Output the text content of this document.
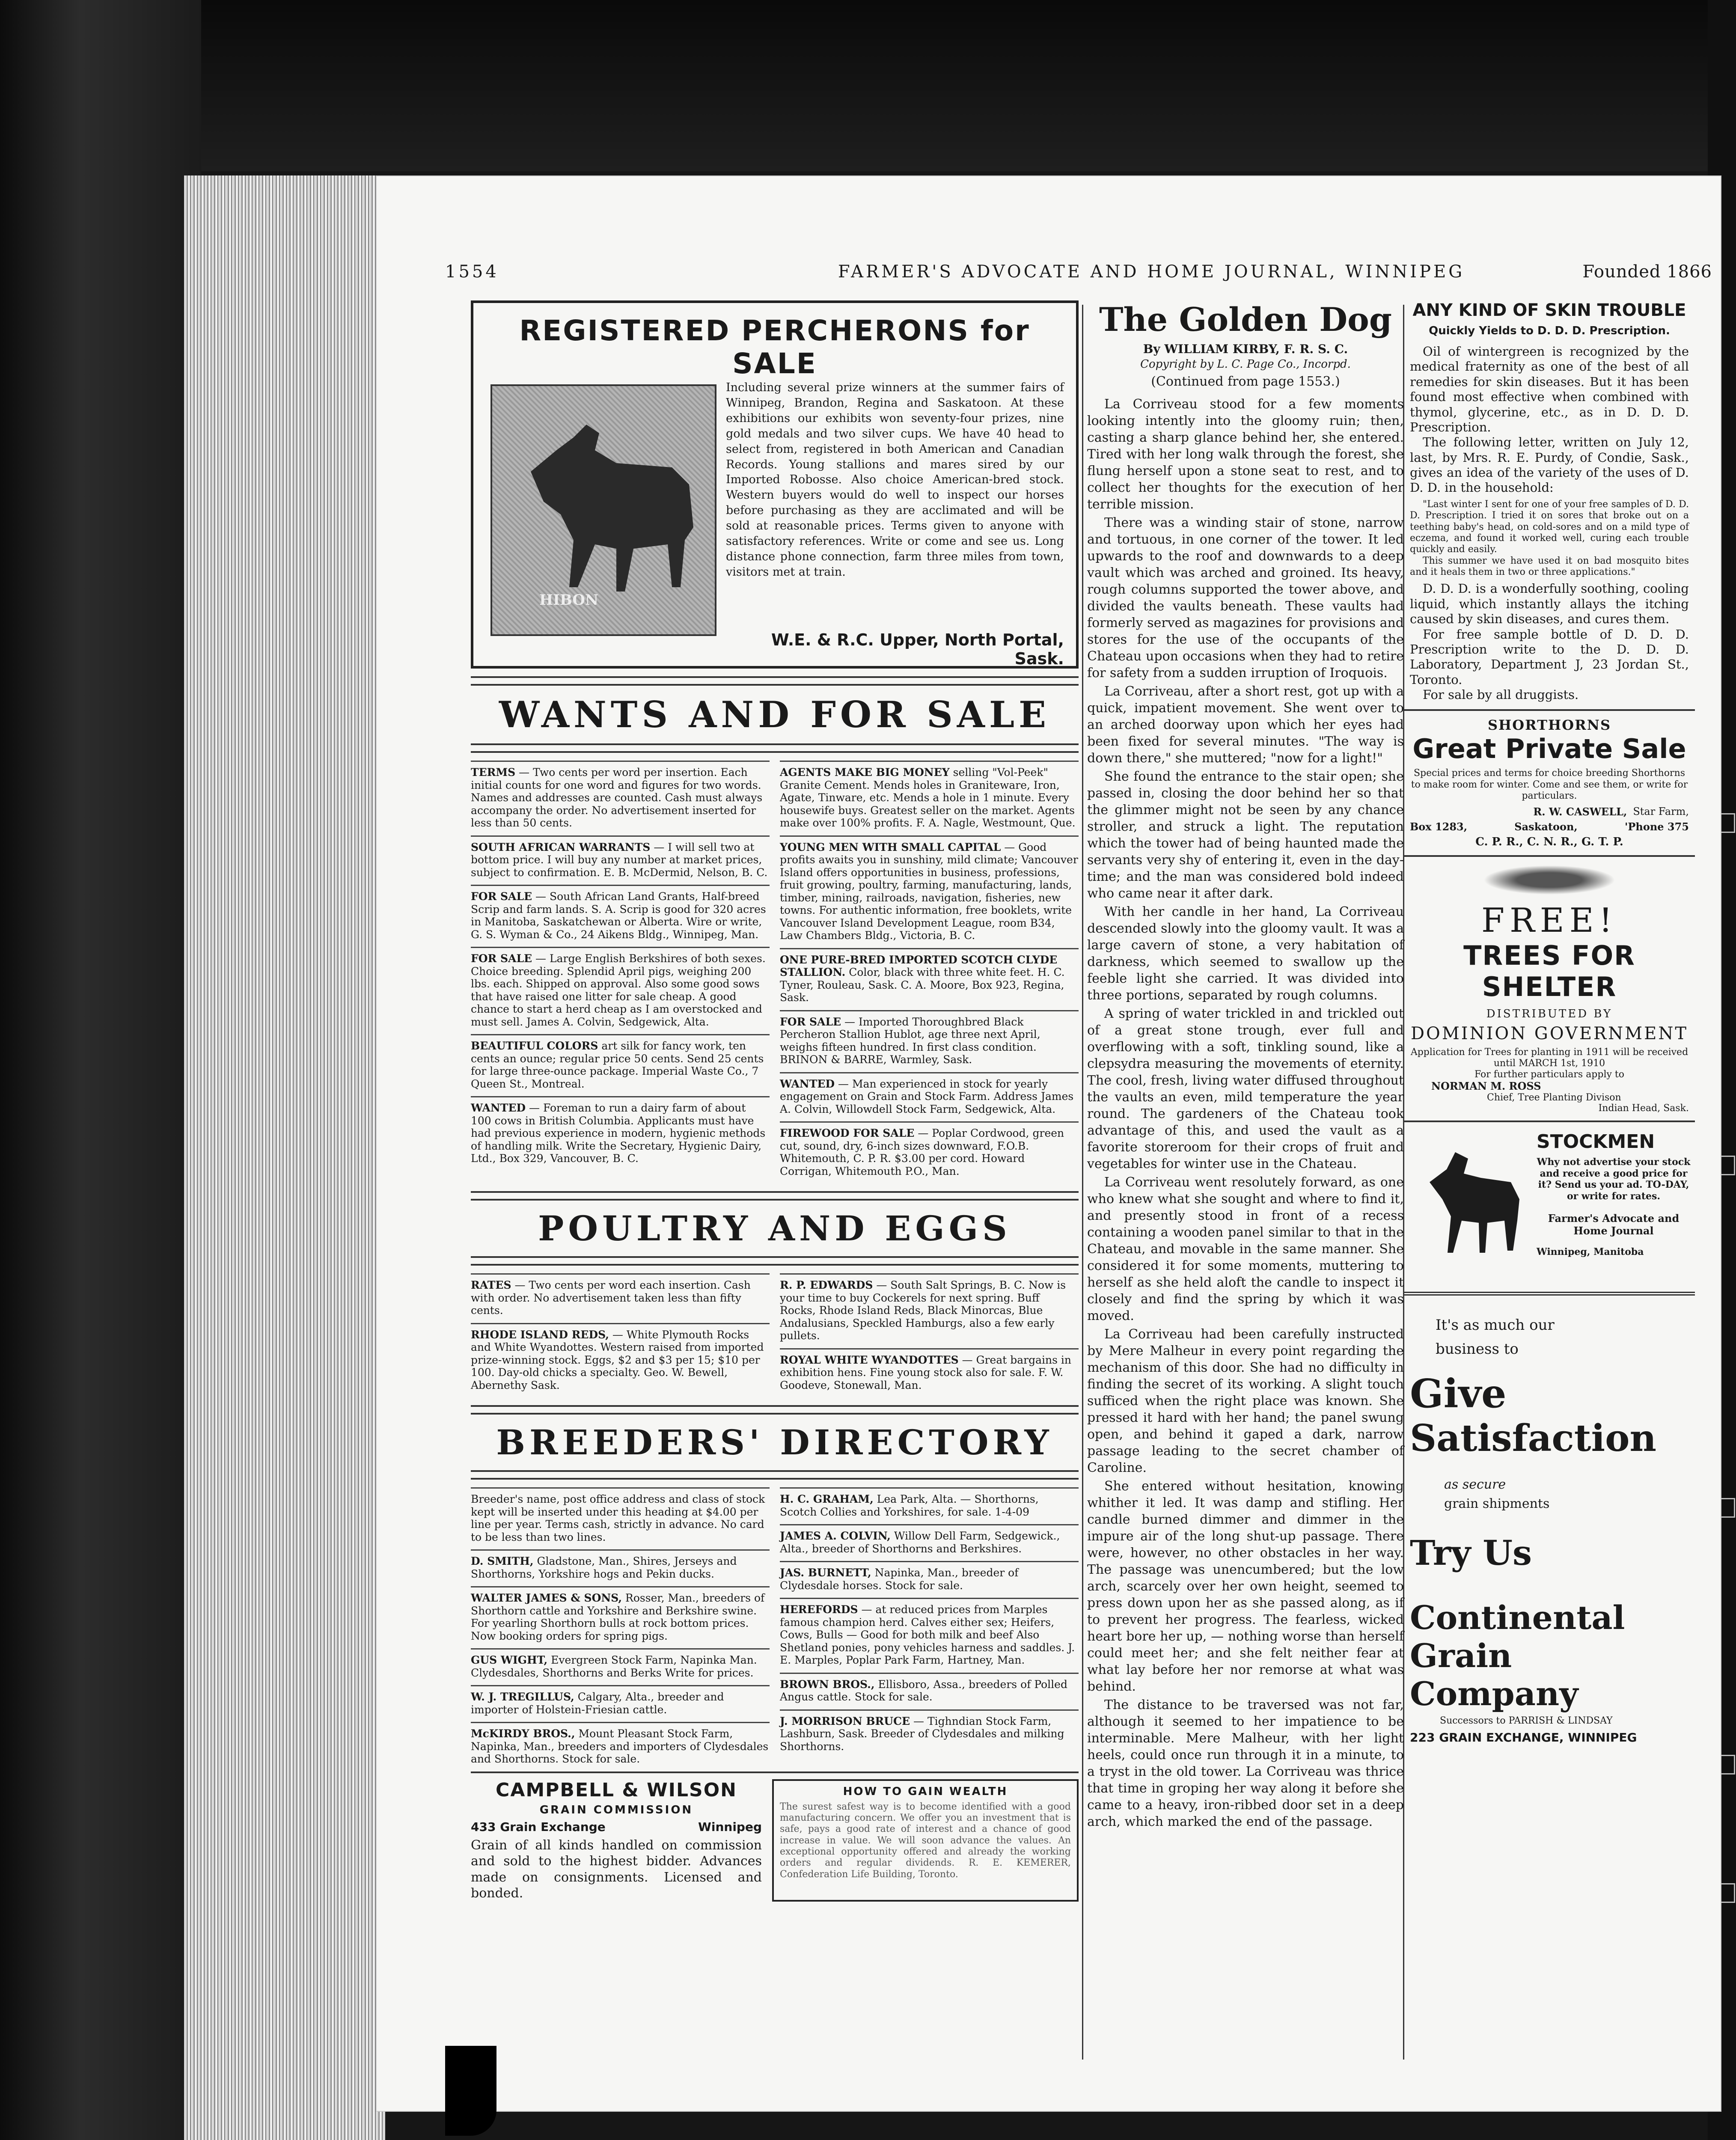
1554	FARMER'S ADVOCATE AND HOME JOURNAL, WINNIPEG	Founded 1866
REGISTERED PERCHERONS for SALE
HIBON
Including several prize winners at the summer fairs of Winnipeg, Brandon, Regina and Saskatoon. At these exhibitions our exhibits won seventy-four prizes, nine gold medals and two silver cups. We have 40 head to select from, registered in both American and Canadian Records. Young stallions and mares sired by our Imported Robosse. Also choice American-bred stock. Western buyers would do well to inspect our horses before purchasing as they are acclimated and will be sold at reasonable prices. Terms given to anyone with satisfactory references. Write or come and see us. Long distance phone connection, farm three miles from town, visitors met at train.
W.E. & R.C. Upper, North Portal, Sask.
WANTS AND FOR SALE
TERMS — Two cents per word per insertion. Each initial counts for one word and figures for two words. Names and addresses are counted. Cash must always accompany the order. No advertisement inserted for less than 50 cents.
SOUTH AFRICAN WARRANTS — I will sell two at bottom price. I will buy any number at market prices, subject to confirmation. E. B. McDermid, Nelson, B. C.
FOR SALE — South African Land Grants, Half-breed Scrip and farm lands. S. A. Scrip is good for 320 acres in Manitoba, Saskatchewan or Alberta. Wire or write, G. S. Wyman & Co., 24 Aikens Bldg., Winnipeg, Man.
FOR SALE — Large English Berkshires of both sexes. Choice breeding. Splendid April pigs, weighing 200 lbs. each. Shipped on approval. Also some good sows that have raised one litter for sale cheap. A good chance to start a herd cheap as I am overstocked and must sell. James A. Colvin, Sedgewick, Alta.
BEAUTIFUL COLORS art silk for fancy work, ten cents an ounce; regular price 50 cents. Send 25 cents for large three-ounce package. Imperial Waste Co., 7 Queen St., Montreal.
WANTED — Foreman to run a dairy farm of about 100 cows in British Columbia. Applicants must have had previous experience in modern, hygienic methods of handling milk. Write the Secretary, Hygienic Dairy, Ltd., Box 329, Vancouver, B. C.
AGENTS MAKE BIG MONEY selling "Vol-Peek" Granite Cement. Mends holes in Graniteware, Iron, Agate, Tinware, etc. Mends a hole in 1 minute. Every housewife buys. Greatest seller on the market. Agents make over 100% profits. F. A. Nagle, Westmount, Que.
YOUNG MEN WITH SMALL CAPITAL — Good profits awaits you in sunshiny, mild climate; Vancouver Island offers opportunities in business, professions, fruit growing, poultry, farming, manufacturing, lands, timber, mining, railroads, navigation, fisheries, new towns. For authentic information, free booklets, write Vancouver Island Development League, room B34, Law Chambers Bldg., Victoria, B. C.
ONE PURE-BRED IMPORTED SCOTCH CLYDE STALLION. Color, black with three white feet. H. C. Tyner, Rouleau, Sask. C. A. Moore, Box 923, Regina, Sask.
FOR SALE — Imported Thoroughbred Black Percheron Stallion Hublot, age three next April, weighs fifteen hundred. In first class condition. BRINON & BARRE, Warmley, Sask.
WANTED — Man experienced in stock for yearly engagement on Grain and Stock Farm. Address James A. Colvin, Willowdell Stock Farm, Sedgewick, Alta.
FIREWOOD FOR SALE — Poplar Cordwood, green cut, sound, dry, 6-inch sizes downward, F.O.B. Whitemouth, C. P. R. $3.00 per cord. Howard Corrigan, Whitemouth P.O., Man.
POULTRY AND EGGS
RATES — Two cents per word each insertion. Cash with order. No advertisement taken less than fifty cents.
RHODE ISLAND REDS, — White Plymouth Rocks and White Wyandottes. Western raised from imported prize-winning stock. Eggs, $2 and $3 per 15; $10 per 100. Day-old chicks a specialty. Geo. W. Bewell, Abernethy Sask.
R. P. EDWARDS — South Salt Springs, B. C. Now is your time to buy Cockerels for next spring. Buff Rocks, Rhode Island Reds, Black Minorcas, Blue Andalusians, Speckled Hamburgs, also a few early pullets.
ROYAL WHITE WYANDOTTES — Great bargains in exhibition hens. Fine young stock also for sale. F. W. Goodeve, Stonewall, Man.
BREEDERS' DIRECTORY
Breeder's name, post office address and class of stock kept will be inserted under this heading at $4.00 per line per year. Terms cash, strictly in advance. No card to be less than two lines.
D. SMITH, Gladstone, Man., Shires, Jerseys and Shorthorns, Yorkshire hogs and Pekin ducks.
WALTER JAMES & SONS, Rosser, Man., breeders of Shorthorn cattle and Yorkshire and Berkshire swine. For yearling Shorthorn bulls at rock bottom prices. Now booking orders for spring pigs.
GUS WIGHT, Evergreen Stock Farm, Napinka Man. Clydesdales, Shorthorns and Berks Write for prices.
W. J. TREGILLUS, Calgary, Alta., breeder and importer of Holstein-Friesian cattle.
McKIRDY BROS., Mount Pleasant Stock Farm, Napinka, Man., breeders and importers of Clydesdales and Shorthorns. Stock for sale.
H. C. GRAHAM, Lea Park, Alta. — Shorthorns, Scotch Collies and Yorkshires, for sale. 1-4-09
JAMES A. COLVIN, Willow Dell Farm, Sedgewick., Alta., breeder of Shorthorns and Berkshires.
JAS. BURNETT, Napinka, Man., breeder of Clydesdale horses. Stock for sale.
HEREFORDS — at reduced prices from Marples famous champion herd. Calves either sex; Heifers, Cows, Bulls — Good for both milk and beef Also Shetland ponies, pony vehicles harness and saddles. J. E. Marples, Poplar Park Farm, Hartney, Man.
BROWN BROS., Ellisboro, Assa., breeders of Polled Angus cattle. Stock for sale.
J. MORRISON BRUCE — Tighndian Stock Farm, Lashburn, Sask. Breeder of Clydesdales and milking Shorthorns.
CAMPBELL & WILSON
GRAIN COMMISSION
433 Grain Exchange	Winnipeg
Grain of all kinds handled on commission and sold to the highest bidder. Advances made on consignments. Licensed and bonded.
HOW TO GAIN WEALTH
The surest safest way is to become identified with a good manufacturing concern. We offer you an investment that is safe, pays a good rate of interest and a chance of good increase in value. We will soon advance the values. An exceptional opportunity offered and already the working orders and regular dividends. R. E. KEMERER, Confederation Life Building, Toronto.
The Golden Dog
By WILLIAM KIRBY, F. R. S. C.
Copyright by L. C. Page Co., Incorpd.
(Continued from page 1553.)

La Corriveau stood for a few moments looking intently into the gloomy ruin; then, casting a sharp glance behind her, she entered. Tired with her long walk through the forest, she flung herself upon a stone seat to rest, and to collect her thoughts for the execution of her terrible mission.

There was a winding stair of stone, narrow and tortuous, in one corner of the tower. It led upwards to the roof and downwards to a deep vault which was arched and groined. Its heavy, rough columns supported the tower above, and divided the vaults beneath. These vaults had formerly served as magazines for provisions and stores for the use of the occupants of the Chateau upon occasions when they had to retire for safety from a sudden irruption of Iroquois.

La Corriveau, after a short rest, got up with a quick, impatient movement. She went over to an arched doorway upon which her eyes had been fixed for several minutes. "The way is down there," she muttered; "now for a light!"

She found the entrance to the stair open; she passed in, closing the door behind her so that the glimmer might not be seen by any chance stroller, and struck a light. The reputation which the tower had of being haunted made the servants very shy of entering it, even in the day-time; and the man was considered bold indeed who came near it after dark.

With her candle in her hand, La Corriveau descended slowly into the gloomy vault. It was a large cavern of stone, a very habitation of darkness, which seemed to swallow up the feeble light she carried. It was divided into three portions, separated by rough columns.

A spring of water trickled in and trickled out of a great stone trough, ever full and overflowing with a soft, tinkling sound, like a clepsydra measuring the movements of eternity. The cool, fresh, living water diffused throughout the vaults an even, mild temperature the year round. The gardeners of the Chateau took advantage of this, and used the vault as a favorite storeroom for their crops of fruit and vegetables for winter use in the Chateau.

La Corriveau went resolutely forward, as one who knew what she sought and where to find it, and presently stood in front of a recess containing a wooden panel similar to that in the Chateau, and movable in the same manner. She considered it for some moments, muttering to herself as she held aloft the candle to inspect it closely and find the spring by which it was moved.

La Corriveau had been carefully instructed by Mere Malheur in every point regarding the mechanism of this door. She had no difficulty in finding the secret of its working. A slight touch sufficed when the right place was known. She pressed it hard with her hand; the panel swung open, and behind it gaped a dark, narrow passage leading to the secret chamber of Caroline.

She entered without hesitation, knowing whither it led. It was damp and stifling. Her candle burned dimmer and dimmer in the impure air of the long shut-up passage. There were, however, no other obstacles in her way. The passage was unencumbered; but the low arch, scarcely over her own height, seemed to press down upon her as she passed along, as if to prevent her progress. The fearless, wicked heart bore her up, — nothing worse than herself could meet her; and she felt neither fear at what lay before her nor remorse at what was behind.

The distance to be traversed was not far, although it seemed to her impatience to be interminable. Mere Malheur, with her light heels, could once run through it in a minute, to a tryst in the old tower. La Corriveau was thrice that time in groping her way along it before she came to a heavy, iron-ribbed door set in a deep arch, which marked the end of the passage.

ANY KIND OF SKIN TROUBLE
Quickly Yields to D. D. D. Prescription.
Oil of wintergreen is recognized by the medical fraternity as one of the best of all remedies for skin diseases. But it has been found most effective when combined with thymol, glycerine, etc., as in D. D. D. Prescription.
The following letter, written on July 12, last, by Mrs. R. E. Purdy, of Condie, Sask., gives an idea of the variety of the uses of D. D. D. in the household:
"Last winter I sent for one of your free samples of D. D. D. Prescription. I tried it on sores that broke out on a teething baby's head, on cold-sores and on a mild type of eczema, and found it worked well, curing each trouble quickly and easily.
This summer we have used it on bad mosquito bites and it heals them in two or three applications."
D. D. D. is a wonderfully soothing, cooling liquid, which instantly allays the itching caused by skin diseases, and cures them.
For free sample bottle of D. D. D. Prescription write to the D. D. D. Laboratory, Department J, 23 Jordan St., Toronto.
For sale by all druggists.
SHORTHORNS
Great Private Sale
Special prices and terms for choice breeding Shorthorns to make room for winter. Come and see them, or write for particulars.
R. W. CASWELL, Star Farm,
Box 1283,	Saskatoon,	'Phone 375
C. P. R., C. N. R., G. T. P.
FREE!
TREES FOR SHELTER
DISTRIBUTED BY
DOMINION GOVERNMENT
Application for Trees for planting in 1911 will be received until MARCH 1st, 1910
For further particulars apply to
NORMAN M. ROSS
Chief, Tree Planting Divison
Indian Head, Sask.
STOCKMEN
Why not advertise your stock and receive a good price for it? Send us your ad. TO-DAY, or write for rates.
Farmer's Advocate and Home Journal
Winnipeg, Manitoba
It's as much our
business to
Give
Satisfaction
as secure
grain shipments
Try Us
Continental
Grain Company
Successors to PARRISH & LINDSAY
223 GRAIN EXCHANGE, WINNIPEG
